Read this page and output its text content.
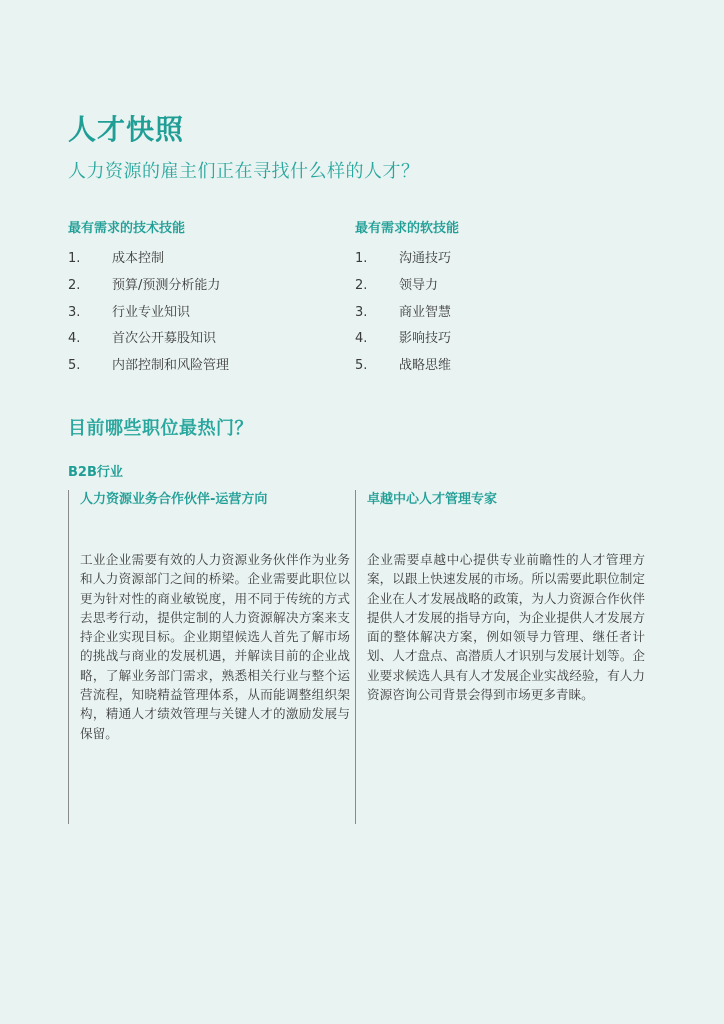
人才快照

人力资源的雇主们正在寻找什么样的人才？

最有需求的技术技能
1. 成本控制
2. 预算/预测分析能力
3. 行业专业知识
4. 首次公开募股知识
5. 内部控制和风险管理
最有需求的软技能
1. 沟通技巧
2. 领导力
3. 商业智慧
4. 影响技巧
5. 战略思维
目前哪些职位最热门？
B2B行业
人力资源业务合作伙伴-运营方向

工业企业需要有效的人力资源业务伙伴作为业务和人力资源部门之间的桥梁。企业需要此职位以更为针对性的商业敏锐度，用不同于传统的方式去思考行动，提供定制的人力资源解决方案来支持企业实现目标。企业期望候选人首先了解市场的挑战与商业的发展机遇，并解读目前的企业战略，了解业务部门需求，熟悉相关行业与整个运营流程，知晓精益管理体系，从而能调整组织架构，精通人才绩效管理与关键人才的激励发展与保留。

卓越中心人才管理专家

企业需要卓越中心提供专业前瞻性的人才管理方案，以跟上快速发展的市场。所以需要此职位制定企业在人才发展战略的政策，为人力资源合作伙伴提供人才发展的指导方向，为企业提供人才发展方面的整体解决方案，例如领导力管理、继任者计划、人才盘点、高潜质人才识别与发展计划等。企业要求候选人具有人才发展企业实战经验，有人力资源咨询公司背景会得到市场更多青睐。
